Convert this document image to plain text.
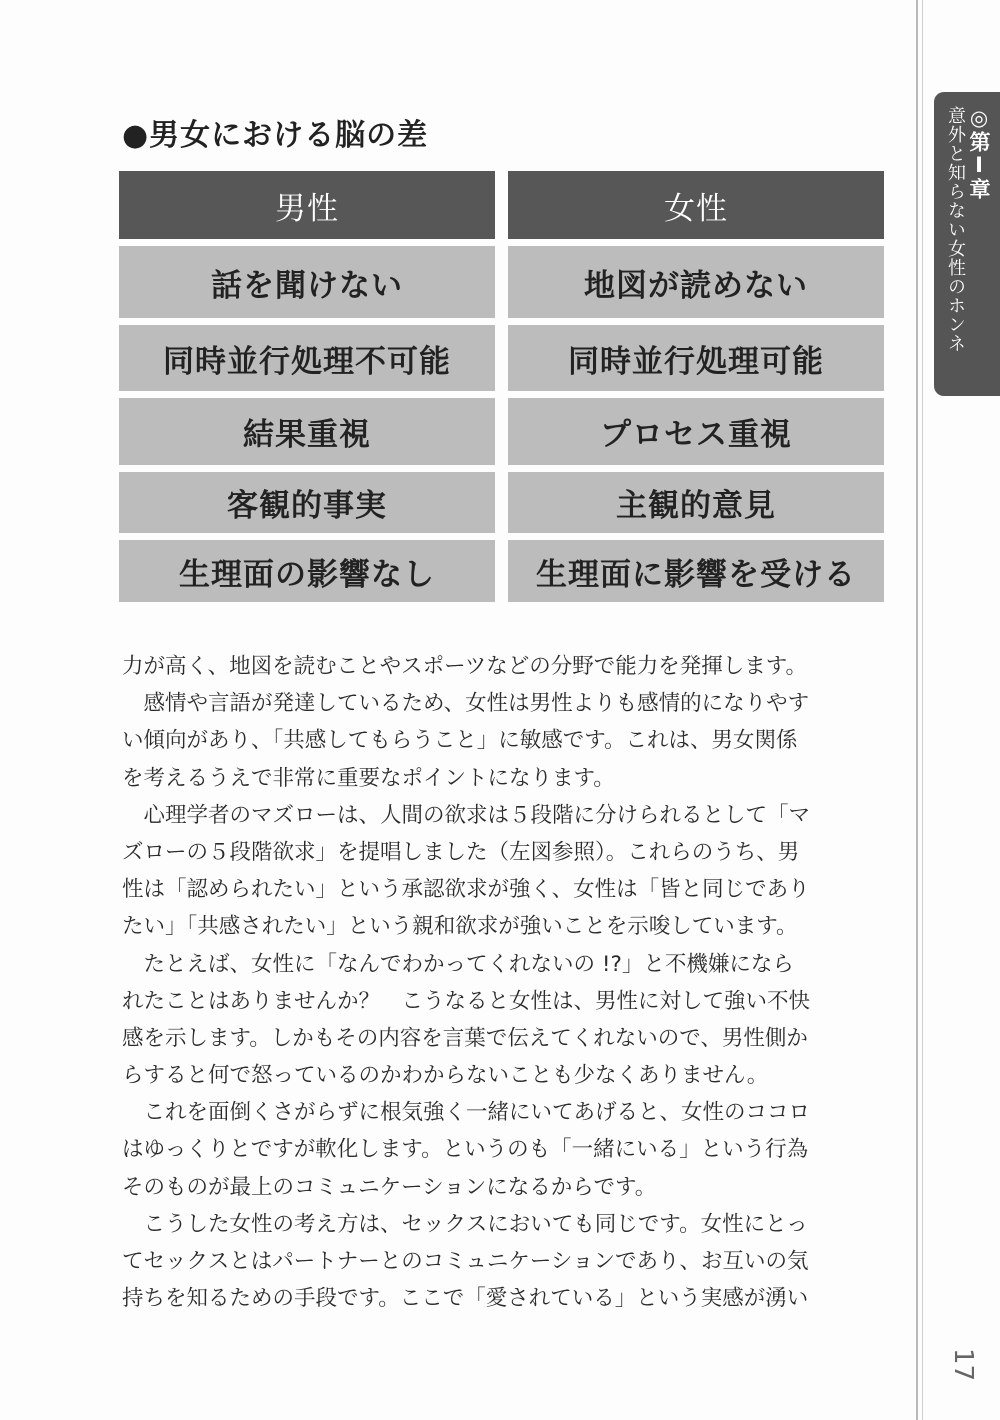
◎第Ⅰ章
意外と知らない女性のホンネ
17
●男女における脳の差
男性	女性
話を聞けない	地図が読めない
同時並行処理不可能	同時並行処理可能
結果重視	プロセス重視
客観的事実	主観的意見
生理面の影響なし	生理面に影響を受ける
力が高く、地図を読むことやスポーツなどの分野で能力を発揮します。
　感情や言語が発達しているため、女性は男性よりも感情的になりやす
い傾向があり、「共感してもらうこと」に敏感です。これは、男女関係
を考えるうえで非常に重要なポイントになります。
　心理学者のマズローは、人間の欲求は５段階に分けられるとして「マ
ズローの５段階欲求」を提唱しました（左図参照）。これらのうち、男
性は「認められたい」という承認欲求が強く、女性は「皆と同じであり
たい」「共感されたい」という親和欲求が強いことを示唆しています。
　たとえば、女性に「なんでわかってくれないの !?」と不機嫌になら
れたことはありませんか？　こうなると女性は、男性に対して強い不快
感を示します。しかもその内容を言葉で伝えてくれないので、男性側か
らすると何で怒っているのかわからないことも少なくありません。
　これを面倒くさがらずに根気強く一緒にいてあげると、女性のココロ
はゆっくりとですが軟化します。というのも「一緒にいる」という行為
そのものが最上のコミュニケーションになるからです。
　こうした女性の考え方は、セックスにおいても同じです。女性にとっ
てセックスとはパートナーとのコミュニケーションであり、お互いの気
持ちを知るための手段です。ここで「愛されている」という実感が湧い
